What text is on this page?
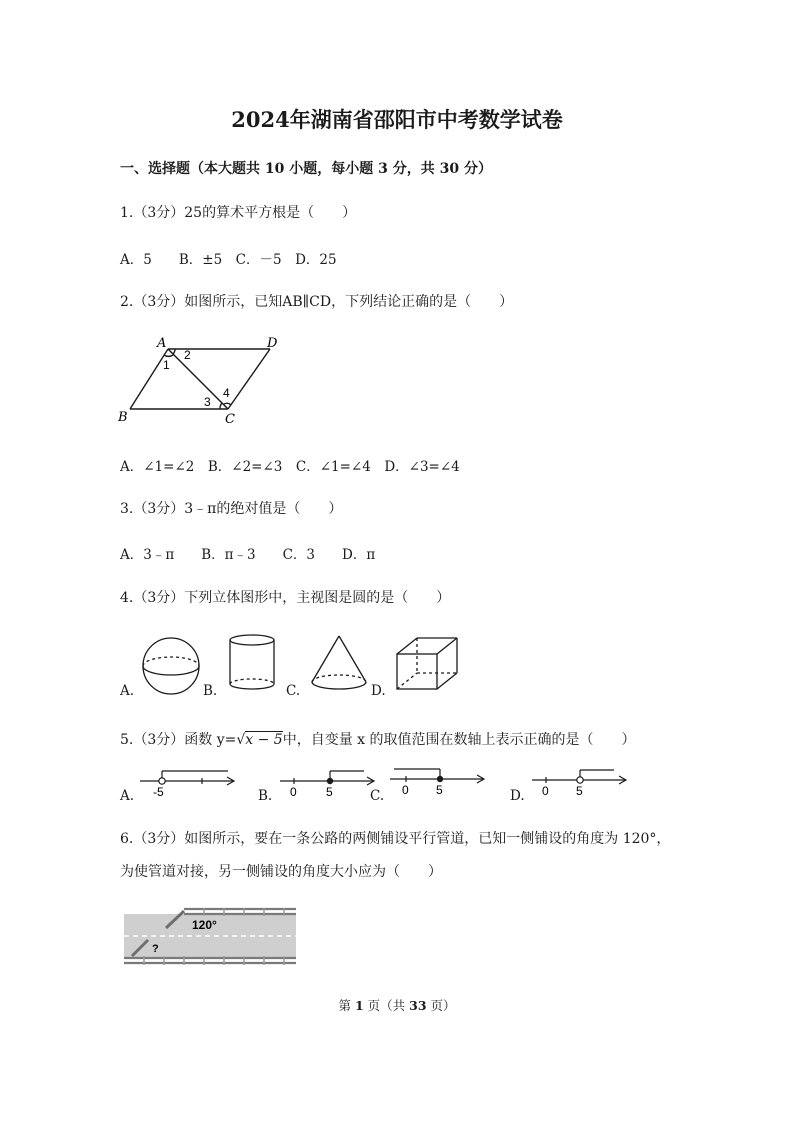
2024年湖南省邵阳市中考数学试卷
一、选择题（本大题共 10 小题，每小题 3 分，共 30 分）
1.（3分）25的算术平方根是（　　）
A．5　　B．±5　C．－5　D．25
2.（3分）如图所示，已知AB∥CD，下列结论正确的是（　　）
A	D
B	C
1
2
3
4
A．∠1=∠2　B．∠2=∠3　C．∠1=∠4　D．∠3=∠4
3.（3分）3﹣π的绝对值是（　　）
A．3﹣π　　B．π﹣3　　C．3　　D．π
4.（3分）下列立体图形中，主视图是圆的是（　　）
A.	B.	C.	D.
5.（3分）函数 y=√x − 5中，自变量 x 的取值范围在数轴上表示正确的是（　　）
A. -5	B. 0 5	C. 0 5	D. 0 5
6.（3分）如图所示，要在一条公路的两侧铺设平行管道，已知一侧铺设的角度为 120°，
为使管道对接，另一侧铺设的角度大小应为（　　）
120°
?
第 1 页（共 33 页）
